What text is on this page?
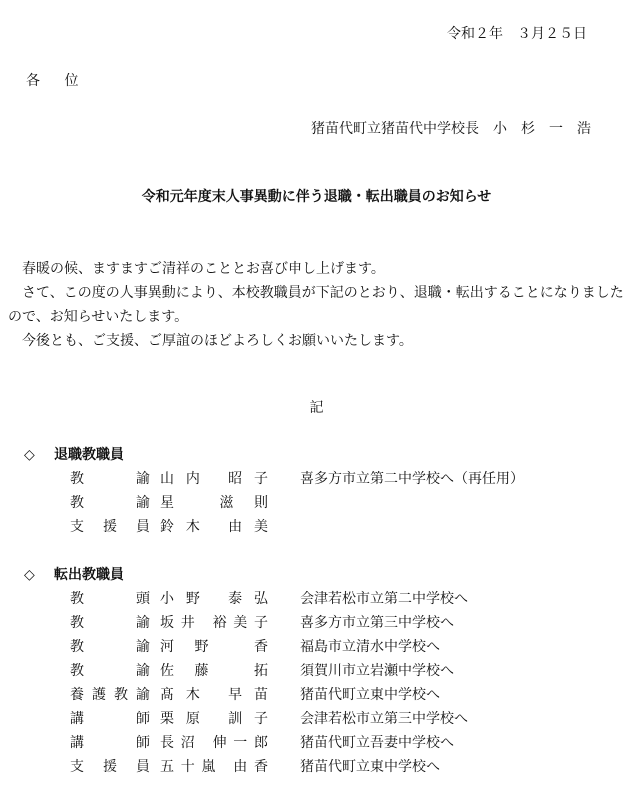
令和２年　３月２５日
各 位
猪苗代町立猪苗代中学校長　小　杉　一　浩
令和元年度末人事異動に伴う退職・転出職員のお知らせ
春暖の候、ますますご清祥のこととお喜び申し上げます。
さて、この度の人事異動により、本校教職員が下記のとおり、退職・転出することになりましたので、お知らせいたします。
今後とも、ご支援、ご厚誼のほどよろしくお願いいたします。
記
◇ 退職教職員
教諭 山内 昭子 喜多方市立第二中学校へ（再任用）
教諭 星 滋則
支援員 鈴木 由美
◇ 転出教職員
教頭 小野 泰弘 会津若松市立第二中学校へ
教諭 坂井 裕美子 喜多方市立第三中学校へ
教諭 河野 香 福島市立清水中学校へ
教諭 佐藤 拓 須賀川市立岩瀬中学校へ
養護教諭 髙木 早苗 猪苗代町立東中学校へ
講師 栗原 訓子 会津若松市立第三中学校へ
講師 長沼 伸一郎 猪苗代町立吾妻中学校へ
支援員 五十嵐 由香 猪苗代町立東中学校へ
